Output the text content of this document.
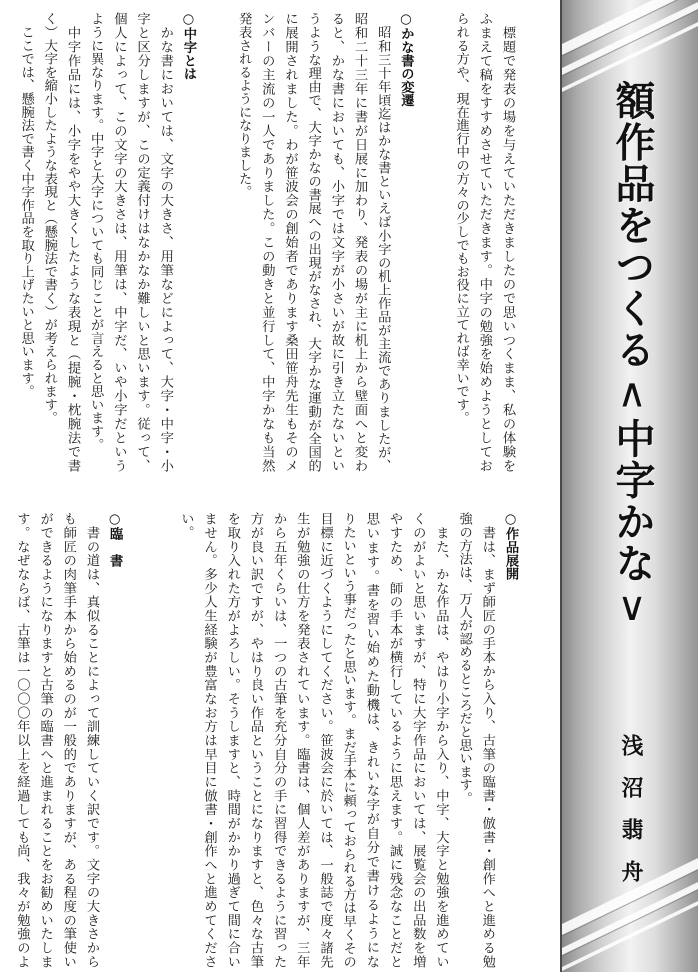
　標題で発表の場を与えていただきましたので思いつくまま、私の体験を
ふまえて稿をすすめさせていただきます。中字の勉強を始めようとしてお
られる方や、現在進行中の方々の少しでもお役に立てれば幸いです。
○かな書の変遷
　昭和三十年頃迄はかな書といえば小字の机上作品が主流でありましたが、
昭和二十三年に書が日展に加わり、発表の場が主に机上から壁面へと変わ
ると、かな書においても、小字では文字が小さいが故に引き立たないとい
うような理由で、大字かなの書展への出現がなされ、大字かな運動が全国的
に展開されました。わが笹波会の創始者であります桑田笹舟先生もそのメ
ンバーの主流の一人でありました。この動きと並行して、中字かなも当然
発表されるようになりました。
○中字とは
　かな書においては、文字の大きさ、用筆などによって、大字・中字・小
字と区分しますが、この定義付けはなかなか難しいと思います。従って、
個人によって、この文字の大きさは、用筆は、中字だ、いや小字だという
ように異なります。中字と大字についても同じことが言えると思います。
　中字作品には、小字をやや大きくしたような表現と（提腕・枕腕法で書
く）大字を縮小したような表現と（懸腕法で書く）が考えられます。
　ここでは、懸腕法で書く中字作品を取り上げたいと思います。
○作品展開
　書は、まず師匠の手本から入り、古筆の臨書・倣書・創作へと進める勉
強の方法は、万人が認めるところだと思います。
　また、かな作品は、やはり小字から入り、中字、大字と勉強を進めてい
くのがよいと思いますが、特に大字作品においては、展覧会の出品数を増
やすため、師の手本が横行しているように思えます。誠に残念なことだと
思います。書を習い始めた動機は、きれいな字が自分で書けるようにな
りたいという事だったと思います。まだ手本に頼っておられる方は早くその
目標に近づくようにしてください。笹波会に於いては、一般誌で度々諸先
生が勉強の仕方を発表されています。臨書は、個人差がありますが、三年
から五年くらいは、一つの古筆を充分自分の手に習得できるように習った
方が良い訳ですが、やはり良い作品ということになりますと、色々な古筆
を取り入れた方がよろしい。そうしますと、時間がかかり過ぎて間に合い
ません。多少人生経験が豊富なお方は早目に倣書・創作へと進めてくださ
い。
○臨　書
　書の道は、真似ることによって訓練していく訳です。文字の大きさから
も師匠の肉筆手本から始めるのが一般的でありますが、ある程度の筆使い
ができるようになりますと古筆の臨書へと進まれることをお勧めいたしま
す。なぜならば、古筆は一〇〇〇年以上を経過しても尚、我々が勉強のよ
額作品をつくる∧中字かな∨
浅沼翡舟
